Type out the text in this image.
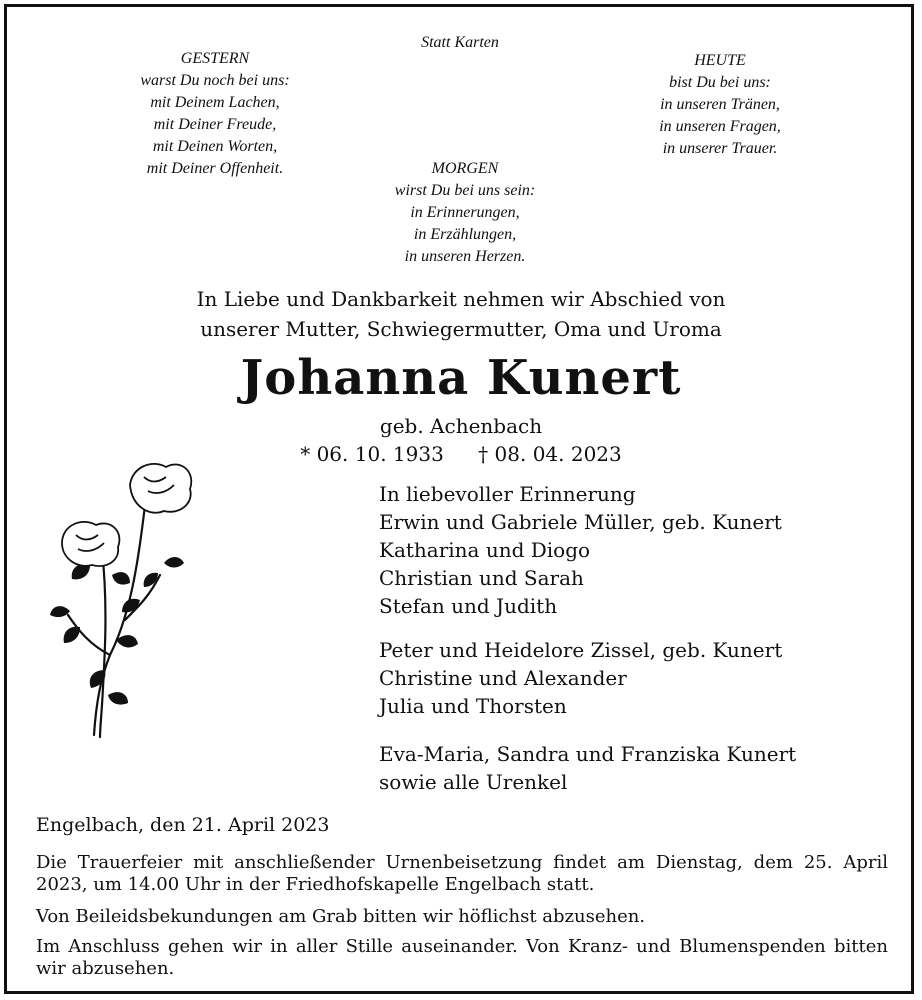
Statt Karten
GESTERN
warst Du noch bei uns:
mit Deinem Lachen,
mit Deiner Freude,
mit Deinen Worten,
mit Deiner Offenheit.	MORGEN
wirst Du bei uns sein:
in Erinnerungen,
in Erzählungen,
in unseren Herzen.
HEUTE
bist Du bei uns:
in unseren Tränen,
in unseren Fragen,
in unserer Trauer.
In Liebe und Dankbarkeit nehmen wir Abschied von
unserer Mutter, Schwiegermutter, Oma und Uroma
Johanna Kunert
geb. Achenbach
* 06. 10. 1933 † 08. 04. 2023
In liebevoller Erinnerung
Erwin und Gabriele Müller, geb. Kunert
Katharina und Diogo
Christian und Sarah
Stefan und Judith
Peter und Heidelore Zissel, geb. Kunert
Christine und Alexander
Julia und Thorsten
Eva-Maria, Sandra und Franziska Kunert
sowie alle Urenkel
Engelbach, den 21. April 2023
Die Trauerfeier mit anschließender Urnenbeisetzung findet am Dienstag, dem 25. April 2023, um 14.00 Uhr in der Friedhofskapelle Engelbach statt.
Von Beileidsbekundungen am Grab bitten wir höflichst abzusehen.
Im Anschluss gehen wir in aller Stille auseinander. Von Kranz- und Blumenspenden bitten wir abzusehen.
